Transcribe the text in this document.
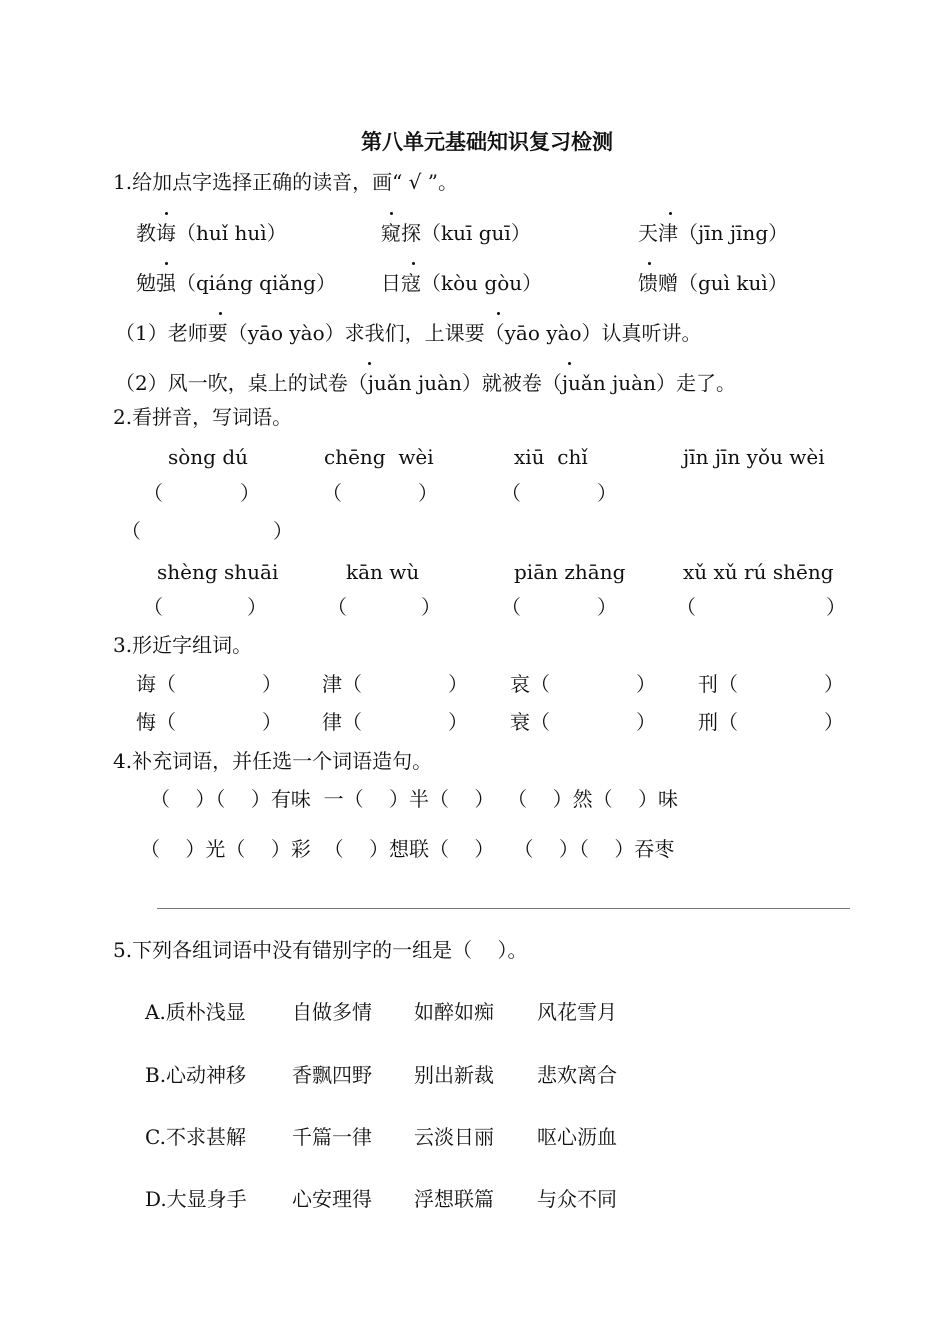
第八单元基础知识复习检测
1.给加点字选择正确的读音，画“ √ ”。
教诲（huǐ huì）	窥探（kuī guī）	天津（jīn jīng）
勉强（qiáng qiǎng） 日寇（kòu gòu）	馈赠（guì kuì）
（1）老师要（yāo yào）求我们，上课要（yāo yào）认真听讲。
（2）风一吹，桌上的试卷（juǎn juàn）就被卷（juǎn juàn）走了。
2.看拼音，写词语。
sòng dú	chēng  wèi	xiū  chǐ	jīn jīn yǒu wèi
（	）	（	）	（	）
（	）
shèng shuāi	kān wù	piān zhāng	xǔ xǔ rú shēng
（	）	（	）	（	）	（	）
3.形近字组词。
诲（	） 津（	） 哀（	） 刊（	）
悔（	） 律（	） 衰（	） 刑（	）
4.补充词语，并任选一个词语造句。
（    ）（    ）有味  一（    ）半（    ）  （    ）然（    ）味
（    ）光（    ）彩  （    ）想联（    ）   （    ）（    ）吞枣
5.下列各组词语中没有错别字的一组是（    ）。
A.质朴浅显 自做多情 如醉如痴 风花雪月
B.心动神移 香飘四野 别出新裁 悲欢离合
C.不求甚解 千篇一律 云淡日丽 呕心沥血
D.大显身手 心安理得 浮想联篇 与众不同
